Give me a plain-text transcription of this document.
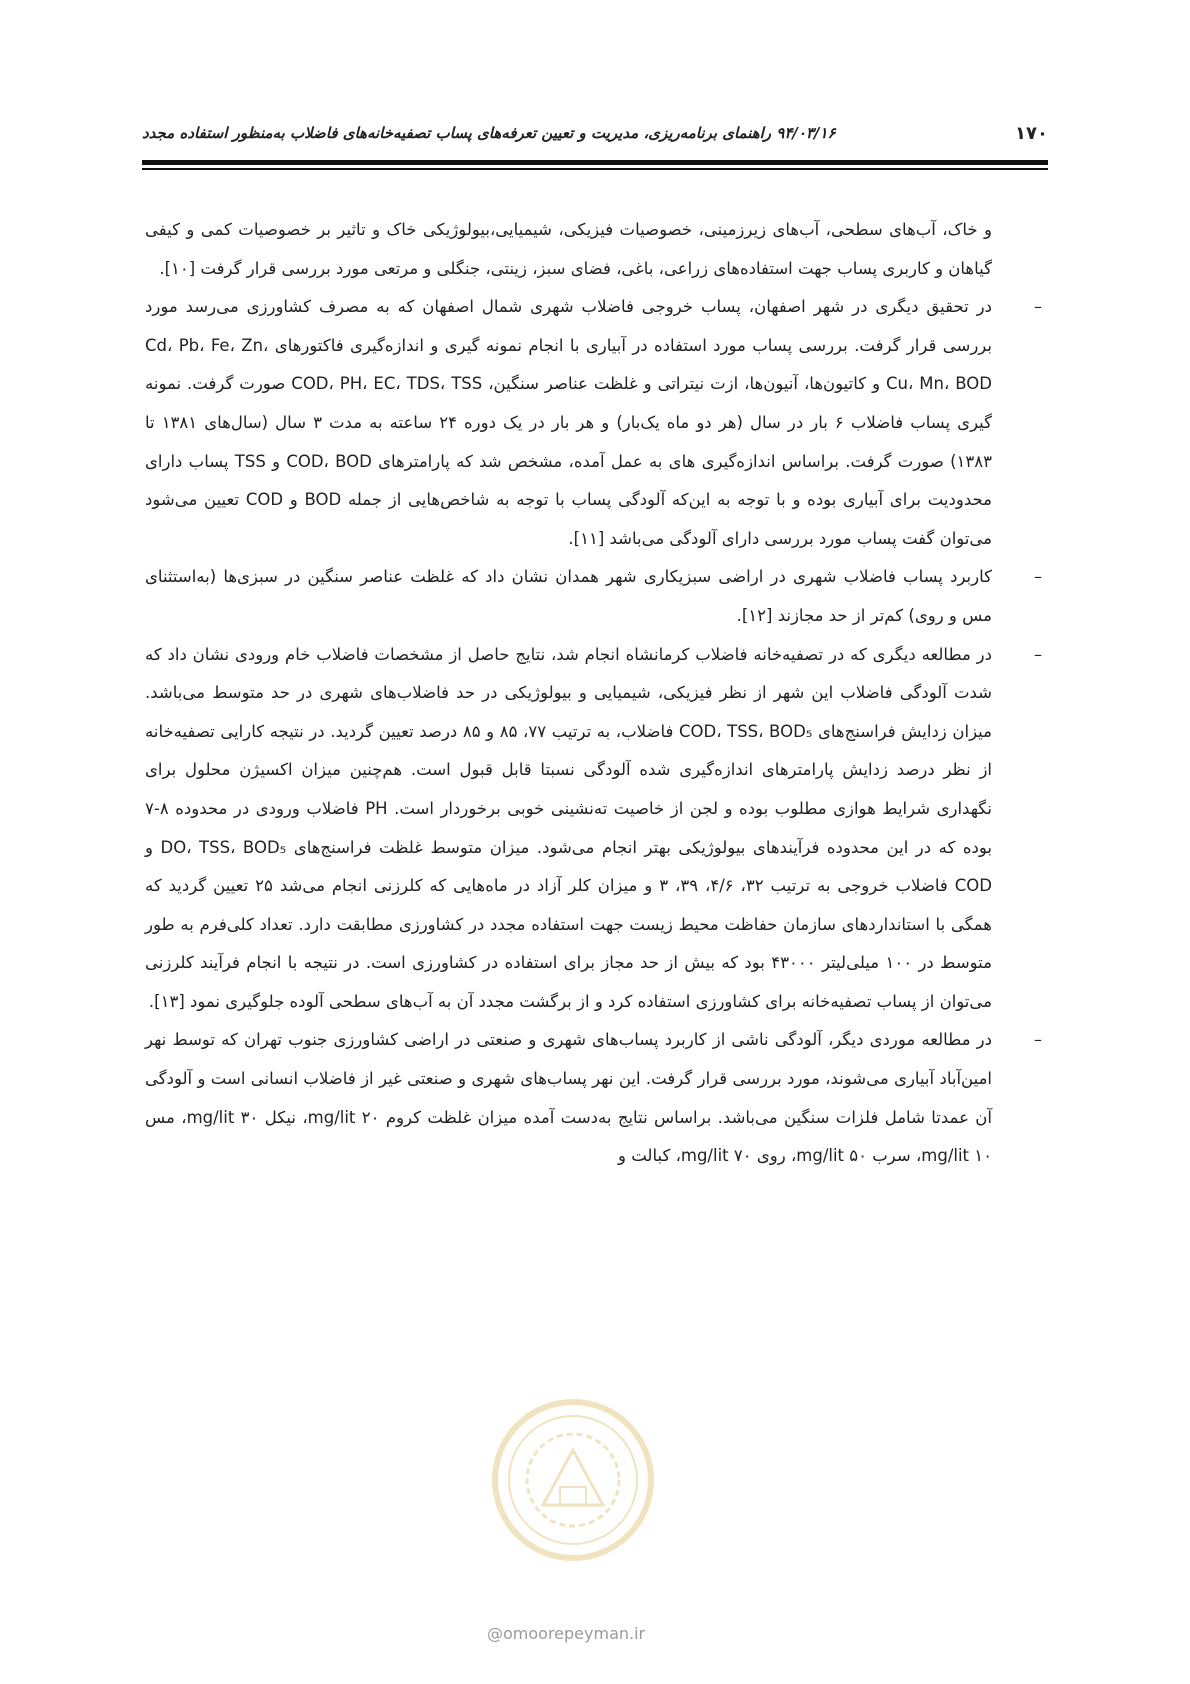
۱۷۰
۹۴/۰۳/۱۶ راهنمای برنامه‌ریزی، مدیریت و تعیین تعرفه‌های پساب تصفیه‌خانه‌های فاضلاب به‌منظور استفاده مجدد

و خاک، آب‌های سطحی، آب‌های زیرزمینی، خصوصیات فیزیکی، شیمیایی،بیولوژیکی خاک و تاثیر بر خصوصیات کمی و کیفی گیاهان و کاربری پساب جهت استفاده‌های زراعی، باغی، فضای سبز، زینتی، جنگلی و مرتعی مورد بررسی قرار گرفت [۱۰].

–
در تحقیق دیگری در شهر اصفهان، پساب خروجی فاضلاب شهری شمال اصفهان که به مصرف کشاورزی می‌رسد مورد بررسی قرار گرفت. بررسی پساب مورد استفاده در آبیاری با انجام نمونه گیری و اندازه‌گیری فاکتورهای Cd، Pb، Fe، Zn، Cu، Mn، BOD و کاتیون‌ها، آنیون‌ها، ازت نیتراتی و غلظت عناصر سنگین، COD، PH، EC، TDS، TSS صورت گرفت. نمونه گیری پساب فاضلاب ۶ بار در سال (هر دو ماه یک‌بار) و هر بار در یک دوره ۲۴ ساعته به مدت ۳ سال (سال‌های ۱۳۸۱ تا ۱۳۸۳) صورت گرفت. براساس اندازه‌گیری های به عمل آمده، مشخص شد که پارامترهای COD، BOD و TSS پساب دارای محدودیت برای آبیاری بوده و با توجه به این‌که آلودگی پساب با توجه به شاخص‌هایی از جمله BOD و COD تعیین می‌شود می‌توان گفت پساب مورد بررسی دارای آلودگی می‌باشد [۱۱].
–
کاربرد پساب فاضلاب شهری در اراضی سبزیکاری شهر همدان نشان داد که غلظت عناصر سنگین در سبزی‌ها (به‌استثنای مس و روی) کم‌تر از حد مجازند [۱۲].
–
در مطالعه دیگری که در تصفیه‌خانه فاضلاب کرمانشاه انجام شد، نتایج حاصل از مشخصات فاضلاب خام ورودی نشان داد که شدت آلودگی فاضلاب این شهر از نظر فیزیکی، شیمیایی و بیولوژیکی در حد فاضلاب‌های شهری در حد متوسط می‌باشد. میزان زدایش فراسنج‌های COD، TSS، BOD₅ فاضلاب، به ترتیب ۷۷، ۸۵ و ۸۵ درصد تعیین گردید. در نتیجه کارایی تصفیه‌خانه از نظر درصد زدایش پارامترهای اندازه‌گیری شده آلودگی نسبتا قابل قبول است. هم‌چنین میزان اکسیژن محلول برای نگهداری شرایط هوازی مطلوب بوده و لجن از خاصیت ته‌نشینی خوبی برخوردار است. PH فاضلاب ورودی در محدوده ۸-۷ بوده که در این محدوده فرآیندهای بیولوژیکی بهتر انجام می‌شود. میزان متوسط غلظت فراسنج‌های DO، TSS، BOD₅ و COD فاضلاب خروجی به ترتیب ۳۲، ۴/۶، ۳۹، ۳ و میزان کلر آزاد در ماه‌هایی که کلرزنی انجام می‌شد ۲۵ تعیین گردید که همگی با استانداردهای سازمان حفاظت محیط زیست جهت استفاده مجدد در کشاورزی مطابقت دارد. تعداد کلی‌فرم به طور متوسط در ۱۰۰ میلی‌لیتر ۴۳۰۰۰ بود که بیش از حد مجاز برای استفاده در کشاورزی است. در نتیجه با انجام فرآیند کلرزنی می‌توان از پساب تصفیه‌خانه برای کشاورزی استفاده کرد و از برگشت مجدد آن به آب‌های سطحی آلوده جلوگیری نمود [۱۳].
–
در مطالعه موردی دیگر، آلودگی ناشی از کاربرد پساب‌های شهری و صنعتی در اراضی کشاورزی جنوب تهران که توسط نهر امین‌آباد آبیاری می‌شوند، مورد بررسی قرار گرفت. این نهر پساب‌های شهری و صنعتی غیر از فاضلاب انسانی است و آلودگی آن عمدتا شامل فلزات سنگین می‌باشد. براساس نتایج به‌دست آمده میزان غلظت کروم mg/lit ۲۰، نیکل mg/lit ۳۰، مس mg/lit ۱۰، سرب mg/lit ۵۰، روی mg/lit ۷۰، کبالت و
@omoorepeyman.ir
